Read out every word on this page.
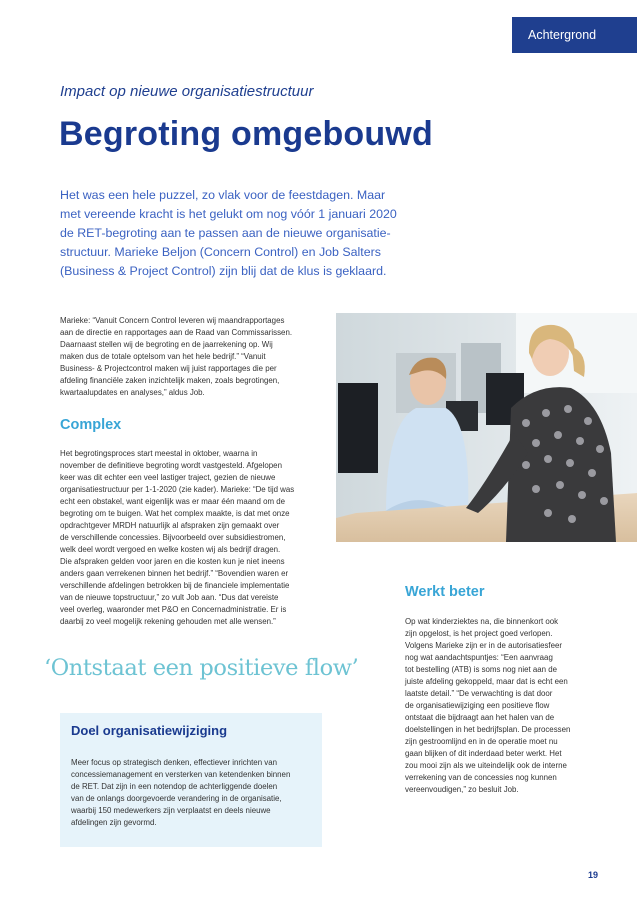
Achtergrond
Impact op nieuwe organisatiestructuur
Begroting omgebouwd

Het was een hele puzzel, zo vlak voor de feestdagen. Maar

met vereende kracht is het gelukt om nog vóór 1 januari 2020

de RET-begroting aan te passen aan de nieuwe organisatie-

structuur. Marieke Beljon (Concern Control) en Job Salters

(Business & Project Control) zijn blij dat de klus is geklaard.

Marieke: “Vanuit Concern Control leveren wij maandrapportages

aan de directie en rapportages aan de Raad van Commissarissen.

Daarnaast stellen wij de begroting en de jaarrekening op. Wij

maken dus de totale optelsom van het hele bedrijf.” “Vanuit

Business- & Projectcontrol maken wij juist rapportages die per

afdeling financiële zaken inzichtelijk maken, zoals begrotingen,

kwartaalupdates en analyses,” aldus Job.

Complex

Het begrotingsproces start meestal in oktober, waarna in

november de definitieve begroting wordt vastgesteld. Afgelopen

keer was dit echter een veel lastiger traject, gezien de nieuwe

organisatiestructuur per 1-1-2020 (zie kader). Marieke: “De tijd was

echt een obstakel, want eigenlijk was er maar één maand om de

begroting om te buigen. Wat het complex maakte, is dat met onze

opdrachtgever MRDH natuurlijk al afspraken zijn gemaakt over

de verschillende concessies. Bijvoorbeeld over subsidiestromen,

welk deel wordt vergoed en welke kosten wij als bedrijf dragen.

Die afspraken gelden voor jaren en die kosten kun je niet ineens

anders gaan verrekenen binnen het bedrijf.” “Bovendien waren er

verschillende afdelingen betrokken bij de financiele implementatie

van de nieuwe topstructuur,” zo vult Job aan. “Dus dat vereiste

veel overleg, waaronder met P&O en Concernadministratie. Er is

daarbij zo veel mogelijk rekening gehouden met alle wensen.”

‘Ontstaat een positieve flow’
Doel organisatiewijziging

Meer focus op strategisch denken, effectiever inrichten van

concessiemanagement en versterken van ketendenken binnen

de RET. Dat zijn in een notendop de achterliggende doelen

van de onlangs doorgevoerde verandering in de organisatie,

waarbij 150 medewerkers zijn verplaatst en deels nieuwe

afdelingen zijn gevormd.

Werkt beter

Op wat kinderziektes na, die binnenkort ook

zijn opgelost, is het project goed verlopen.

Volgens Marieke zijn er in de autorisatiesfeer

nog wat aandachtspuntjes: “Een aanvraag

tot bestelling (ATB) is soms nog niet aan de

juiste afdeling gekoppeld, maar dat is echt een

laatste detail.” “De verwachting is dat door

de organisatiewijziging een positieve flow

ontstaat die bijdraagt aan het halen van de

doelstellingen in het bedrijfsplan. De processen

zijn gestroomlijnd en in de operatie moet nu

gaan blijken of dit inderdaad beter werkt. Het

zou mooi zijn als we uiteindelijk ook de interne

verrekening van de concessies nog kunnen

vereenvoudigen,” zo besluit Job.

19
